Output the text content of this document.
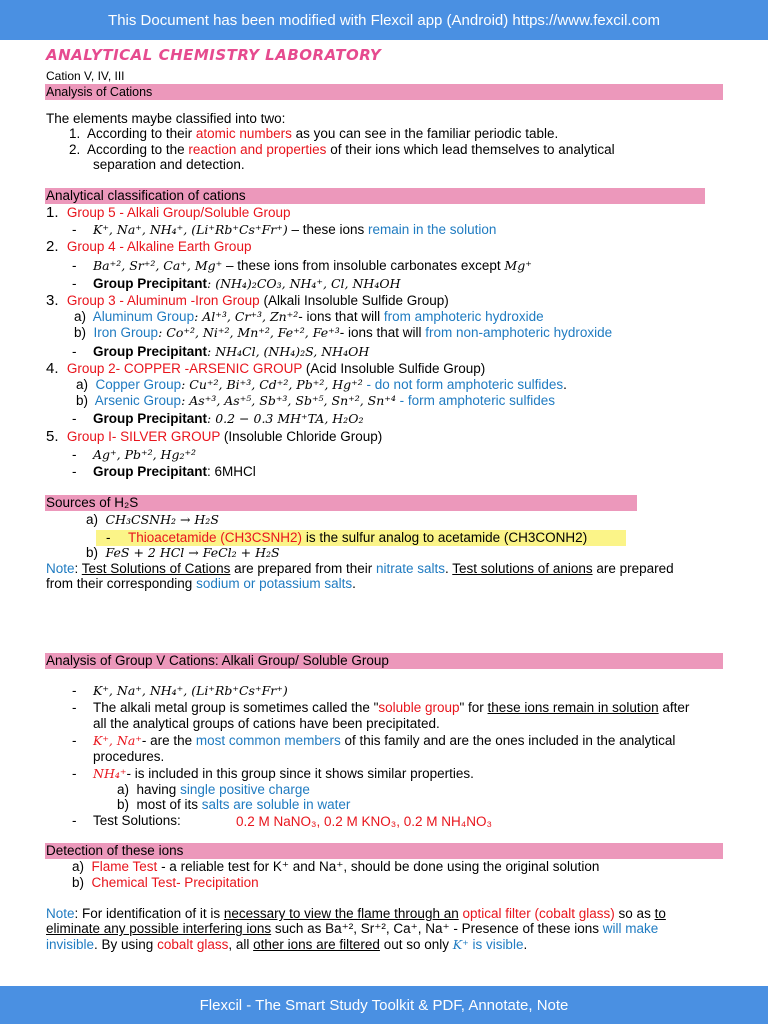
This Document has been modified with Flexcil app (Android) https://www.fexcil.com
ANALYTICAL CHEMISTRY LABORATORY
Cation V, IV, III
Analysis of Cations
The elements maybe classified into two:
1. According to their atomic numbers as you can see in the familiar periodic table.
2. According to the reaction and properties of their ions which lead themselves to analytical
separation and detection.
Analytical classification of cations
1. Group 5 - Alkali Group/Soluble Group
- K⁺, Na⁺, NH₄⁺, (Li⁺Rb⁺Cs⁺Fr⁺) – these ions remain in the solution
2. Group 4 - Alkaline Earth Group
- Ba⁺², Sr⁺², Ca⁺, Mg⁺ – these ions from insoluble carbonates except Mg⁺
- Group Precipitant: (NH₄)₂CO₃, NH₄⁺, Cl, NH₄OH
3. Group 3 - Aluminum -Iron Group (Alkali Insoluble Sulfide Group)
a) Aluminum Group: Al⁺³, Cr⁺³, Zn⁺²- ions that will from amphoteric hydroxide
b) Iron Group: Co⁺², Ni⁺², Mn⁺², Fe⁺², Fe⁺³- ions that will from non-amphoteric hydroxide
- Group Precipitant: NH₄Cl, (NH₄)₂S, NH₄OH
4. Group 2- COPPER -ARSENIC GROUP (Acid Insoluble Sulfide Group)
a) Copper Group: Cu⁺², Bi⁺³, Cd⁺², Pb⁺², Hg⁺² - do not form amphoteric sulfides.
b) Arsenic Group: As⁺³, As⁺⁵, Sb⁺³, Sb⁺⁵, Sn⁺², Sn⁺⁴ - form amphoteric sulfides
- Group Precipitant: 0.2 − 0.3 MH⁺TA, H₂O₂
5. Group I- SILVER GROUP (Insoluble Chloride Group)
- Ag⁺, Pb⁺², Hg₂⁺²
- Group Precipitant: 6MHCl
Sources of H₂S
a) CH₃CSNH₂ → H₂S
- Thioacetamide (CH3CSNH2) is the sulfur analog to acetamide (CH3CONH2)
b) FeS + 2 HCl → FeCl₂ + H₂S
Note: Test Solutions of Cations are prepared from their nitrate salts. Test solutions of anions are prepared
from their corresponding sodium or potassium salts.
Analysis of Group V Cations: Alkali Group/ Soluble Group
- K⁺, Na⁺, NH₄⁺, (Li⁺Rb⁺Cs⁺Fr⁺)
- The alkali metal group is sometimes called the "soluble group" for these ions remain in solution after
all the analytical groups of cations have been precipitated.
- K⁺, Na⁺- are the most common members of this family and are the ones included in the analytical
procedures.
- NH₄⁺- is included in this group since it shows similar properties.
a) having single positive charge
b) most of its salts are soluble in water
- Test Solutions:	0.2 M NaNO₃, 0.2 M KNO₃, 0.2 M NH₄NO₃
Detection of these ions
a) Flame Test - a reliable test for K⁺ and Na⁺, should be done using the original solution
b) Chemical Test- Precipitation
Note: For identification of it is necessary to view the flame through an optical filter (cobalt glass) so as to
eliminate any possible interfering ions such as Ba⁺², Sr⁺², Ca⁺, Na⁺ - Presence of these ions will make
invisible. By using cobalt glass, all other ions are filtered out so only K⁺ is visible.
Flexcil - The Smart Study Toolkit & PDF, Annotate, Note
